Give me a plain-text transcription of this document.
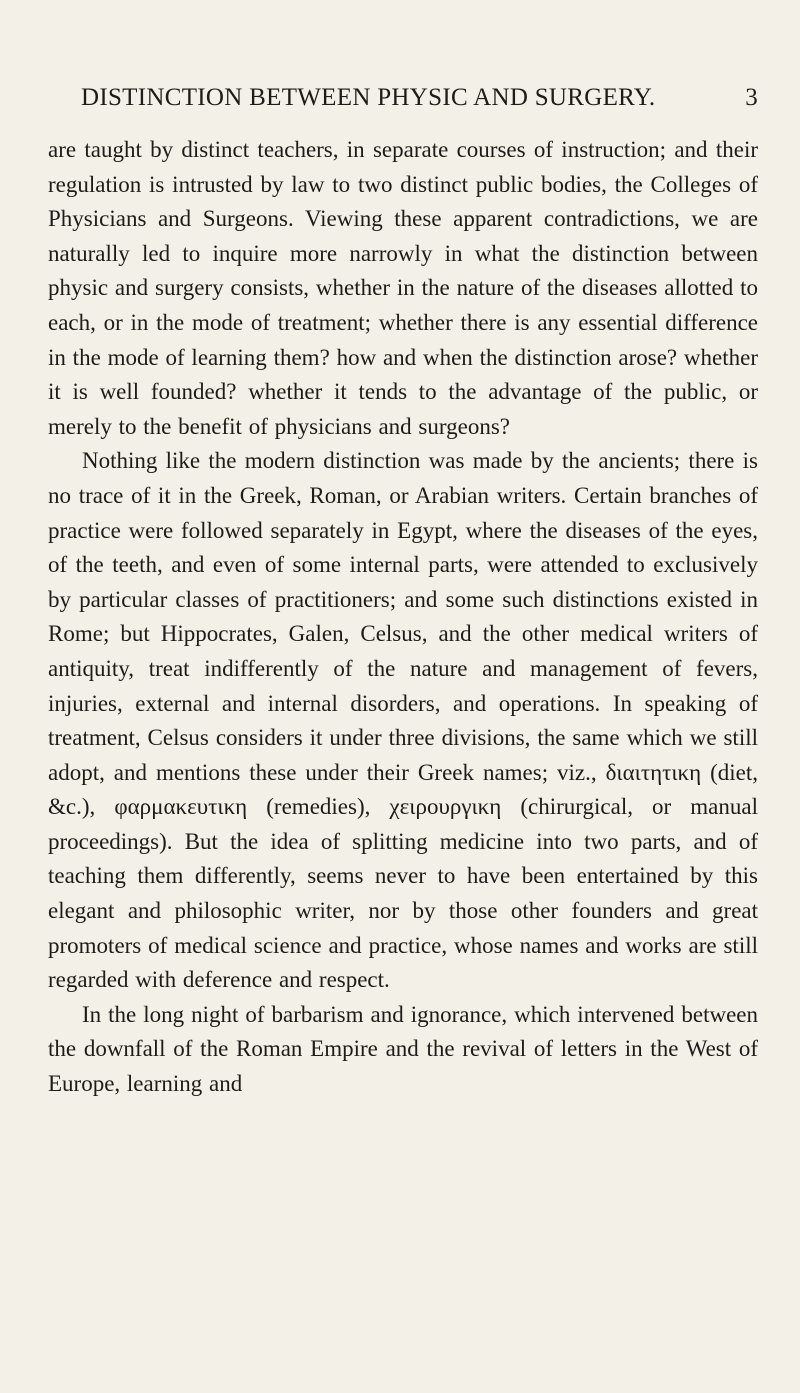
DISTINCTION BETWEEN PHYSIC AND SURGERY.	3

are taught by distinct teachers, in separate courses of instruction; and their regulation is intrusted by law to two distinct public bodies, the Colleges of Physicians and Surgeons. Viewing these apparent contradictions, we are naturally led to inquire more narrowly in what the distinction between physic and surgery consists, whether in the nature of the diseases allotted to each, or in the mode of treatment; whether there is any essential difference in the mode of learning them? how and when the distinction arose? whether it is well founded? whether it tends to the advantage of the public, or merely to the benefit of physicians and surgeons?

Nothing like the modern distinction was made by the ancients; there is no trace of it in the Greek, Roman, or Arabian writers. Certain branches of practice were followed separately in Egypt, where the diseases of the eyes, of the teeth, and even of some internal parts, were attended to exclusively by particular classes of practitioners; and some such distinctions existed in Rome; but Hippocrates, Galen, Celsus, and the other medical writers of antiquity, treat indifferently of the nature and management of fevers, injuries, external and internal disorders, and operations. In speaking of treatment, Celsus considers it under three divisions, the same which we still adopt, and mentions these under their Greek names; viz., διαιτητικη (diet, &c.), φαρμακευτικη (remedies), χειρουργικη (chirurgical, or manual proceedings). But the idea of splitting medicine into two parts, and of teaching them differently, seems never to have been entertained by this elegant and philosophic writer, nor by those other founders and great promoters of medical science and practice, whose names and works are still regarded with deference and respect.

In the long night of barbarism and ignorance, which intervened between the downfall of the Roman Empire and the revival of letters in the West of Europe, learning and
